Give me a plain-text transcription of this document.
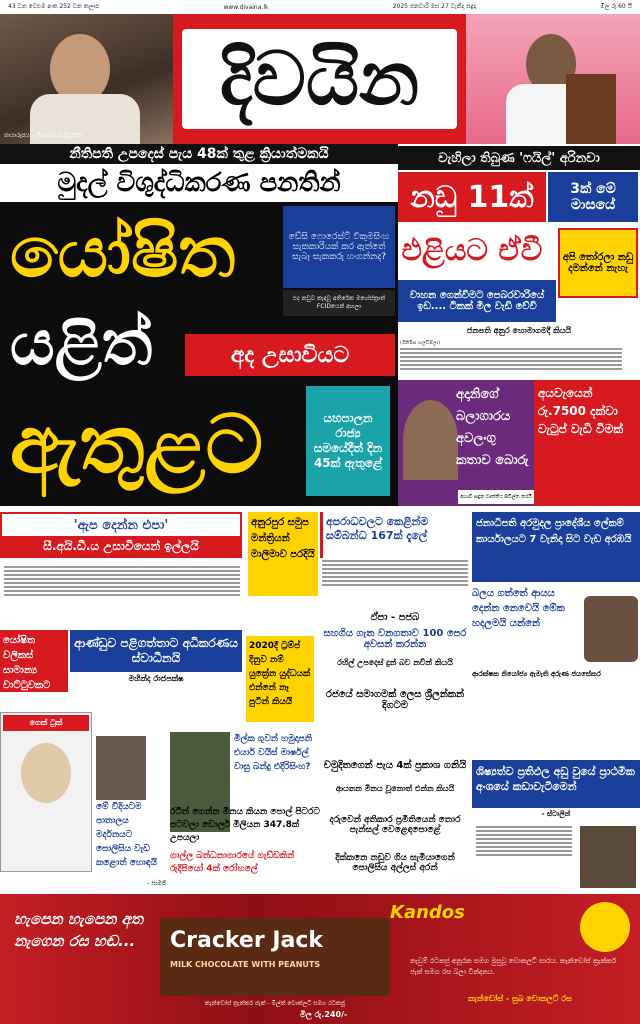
43 වන වෙළුම අංක 252 වන කලාප	www.divaina.lk	2025 ජනවාරි මස 27 වැනිදා සඳුදා	මිල රු.60 යි
ඡායාරූපය - නිශාන් එස්.ප්‍රියන්ත
දිවයින
නීතිපති උපදෙස් පැය 48ක් තුළ ක්‍රියාත්මකයි
මුදල් විශුද්ධිකරණ පනතින්
යෝෂිත
යළිත්
ඇතුළට
ඩේසි ෆොරෙස්ට් විකුමසිංහ සැකකාරියක් කර ඇත්තේ සැබෑ සැකකරු හංගන්නද?
එද නඩුව කැඳවූ අතිරේක මහේස්ත්‍රාත් FCIDයෙන් අහලා
අද උසාවියට
යහපාලන රාජ්‍ය සමයේදීත් දින 45ක් ඇතුළේ
අදානිගේ බලාගාරය අවලංගු කතාව බොරු
අභාවි සඳුන වෘත්තීය සිවිල්ත කරයි
අයවැයෙන් රු.7500 දක්වා වැටුප් වැඩි වීමක්
වැහිලා තිබුණ 'ෆයිල්' අරිනවා
නඩු 11ක්
එළියට ඒවී
3ක් මේ මාසයේ
අපි තෝරලා නඩු දමන්නේ නැහැ
වාහන ගෙන්වීමට පෙබරවාරියේ ඉඩ.... ටිකක් මිල වැඩි වේවි
ජනපති අනුර හොමාගමදී කියයි
(ඊනිමිස හලඩිපිලා)
'ඇප දෙන්න එපා'
සී.අයි.ඩී.ය උසාවියෙන් ඉල්ලයි
අනුරපුර සමුප මන්ත්‍රියන් මාලිමාව පරදියි
අපරාධවලට කෙළින්ම සම්බන්ධ 167ක් දැලේ
ජනාධිපති අරමුදල ප්‍රාදේශීය ලේකම් කාර්යාලයට 7 වැනිදා සිට වැඩ අරඹයි
යෝෂිත වලිකස් සාමාන්‍ය වාට්ටුවකට
ආණ්ඩුව පළිගත්තාට අධිකරණය ස්වාධීනයි
මහින්ද රාජපක්ෂ
ගෙක් ටුක්
මේ විදියටම පාතාලය මර්දනයට පොලිසිය වැඩ කළොත් හොඳයි
- සාමජි
2020දී ට්‍රම්ප් දිනුව නම් යුක්‍රේන යුද්ධයක් එන්නේ නෑ පුටින් කියයි
මිල්ක ගුවන් හමුදාපති එයාර් වයිස් මාර්ෂල් වාසු බන්දු එදිරිසිංහ?
රටින් ගෙන්න මිනය කියන පොල් පිටරට පටවලා ඩොලර් මිලියන 347.8ක් උපයලා
ගාල්ල බන්ධනාගාරයේ ගැඩ්ඩකින් රුදීපියෝ 4ක් රෝහලේ
ඵ්පා - පජබ
සහගිය ගැන වනගතාව 100 පෙර අවසන් කරන්න
රහිල් උපදෙස් දුන් බව නවින් කියයි
රජයේ සමාගමක් ලෙස ශ්‍රීලන්කන් දිගටම
චමුදිතගෙන් පැය 4ක් ප්‍රකාශ ගනියි
ආයතන මිනය වූනොත් එන්න කියයි
දරුවෙන් අතිකාර ප්‍රමිතියෙන් තොර පැන්සල් වෙළෙඳපොළේ
දික්කනෙ නඩුව ගිය සැමියාගෙන් පොලිසිය අල්ලස් අරන්
බලය ගත්තේ ආයය දෙන්න නෙවෙයි මේක හදලමයි යන්නේ
ආරක්ෂක නියෝජ්‍ය ඇමැති අරුණ ජයසේකර
ශිෂ්‍යත්ව ප්‍රතිඵල අඩු වුයේ ප්‍රාථමික අංශයේ කඩාවැටීමෙන්
- ස්ටාලින්
හැපෙන හැපෙන අත නැගෙන රස හඬ...	Cracker Jack
MILK CHOCOLATE WITH PEANUTS
Kandos
නැවුම් රටකජු අනූරන සමග මුසුවූ චොකලට් සාරය. කැන්ඩෝස් ක්‍රැක්කර් ජැක් සමග රස බලා වින්දනය.
කැන්ඩෝස් - සුඛ චොකලට් රස
කැන්ඩෝස් ක්‍රැක්කර් ජැක් - මිල්ක් චොක්ලට් සමග රටකජු
මිල රු.240/-
